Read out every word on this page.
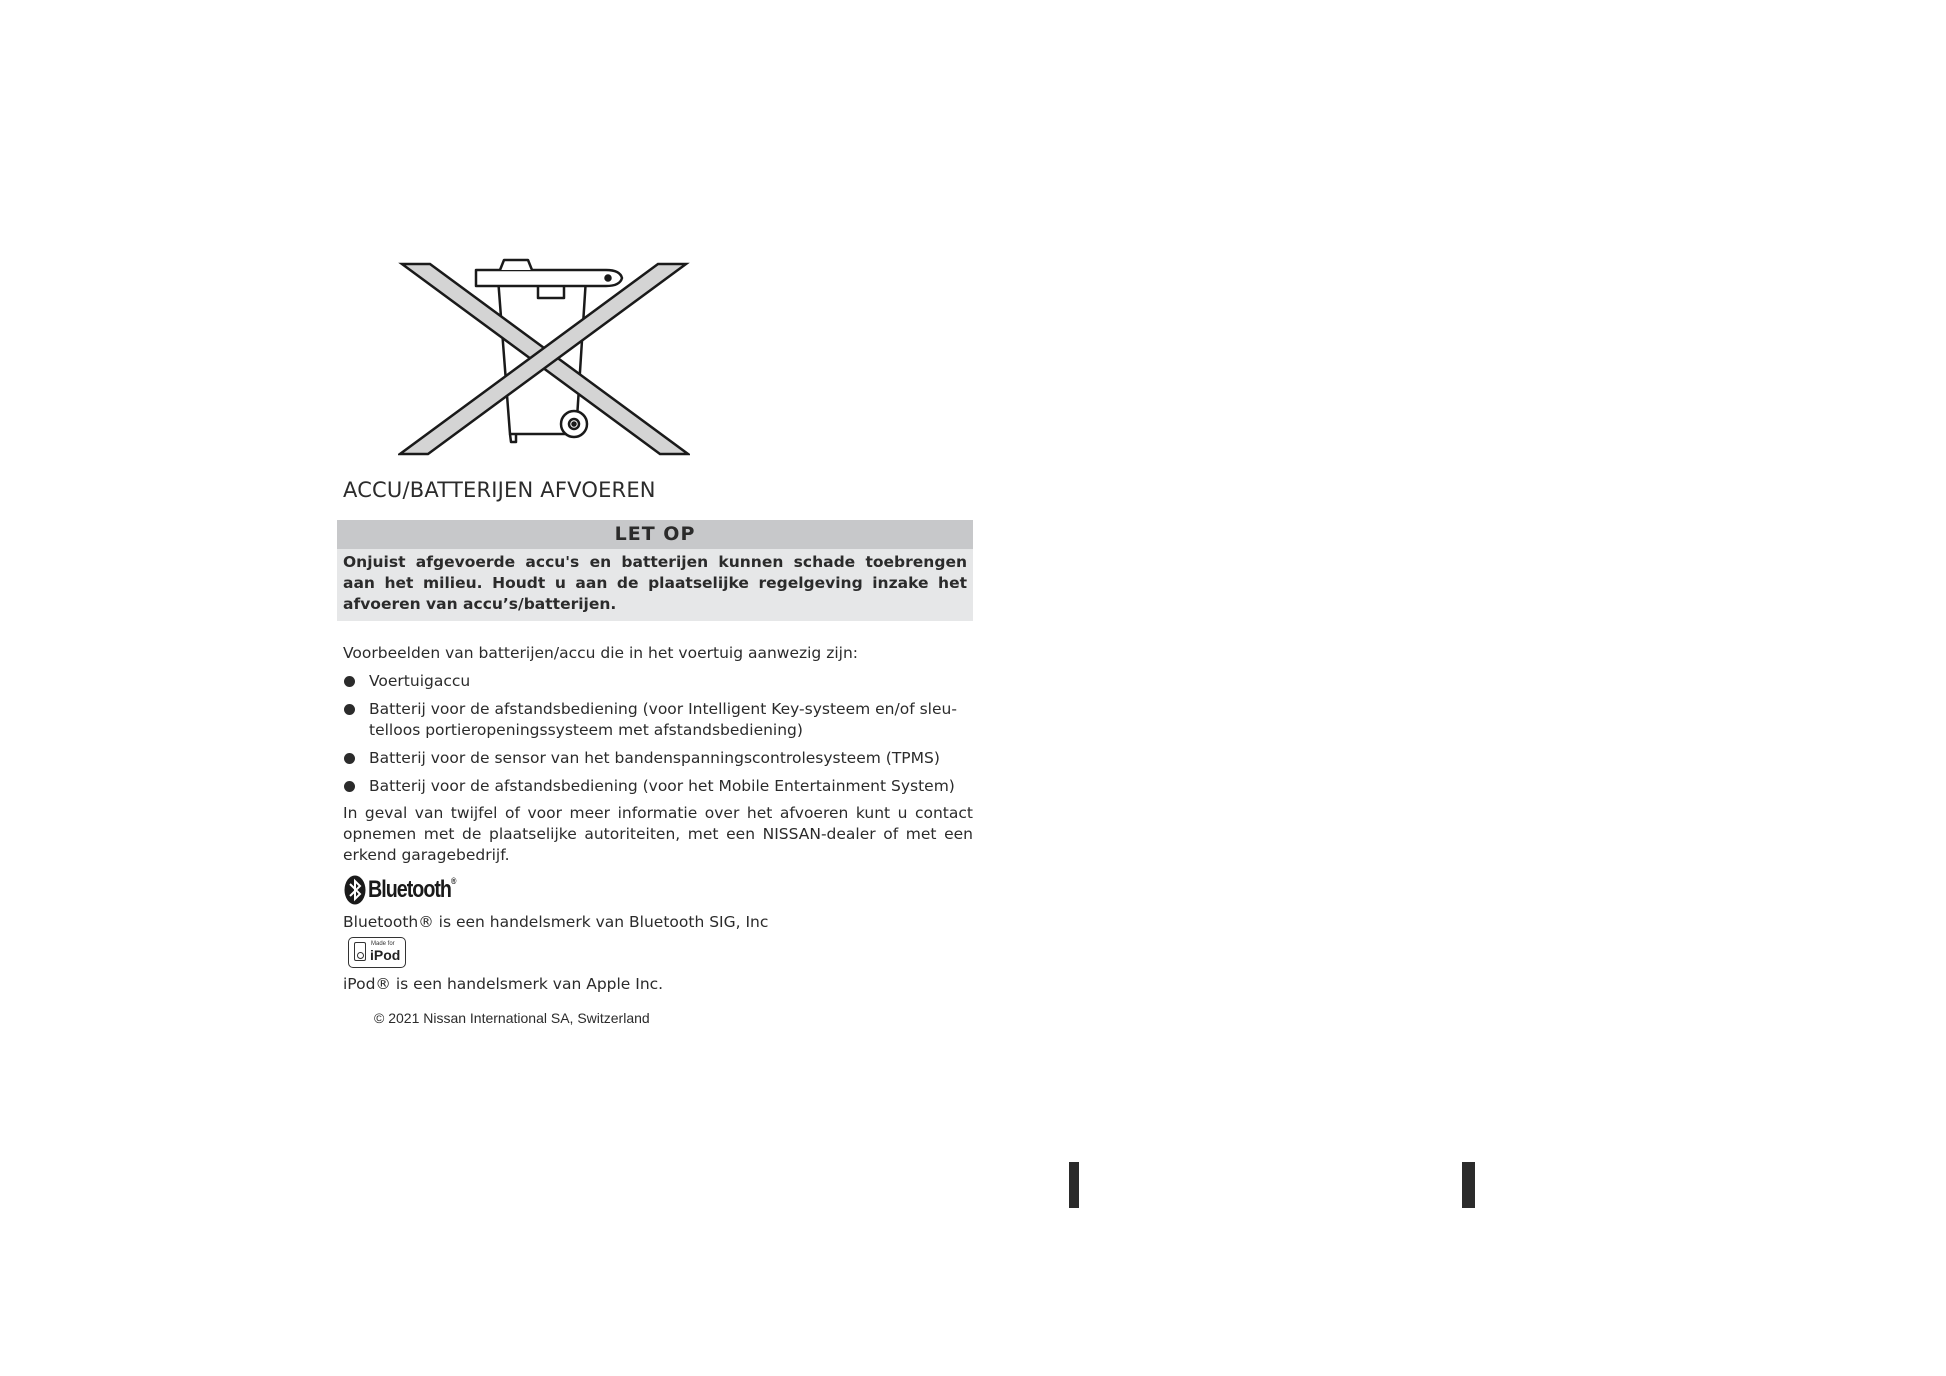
ACCU/BATTERIJEN AFVOEREN
LET OP
Onjuist afgevoerde accu's en batterijen kunnen schade toebrengen aan het milieu. Houdt u aan de plaatselijke regelgeving inzake het afvoeren van accu’s/batterijen.

Voorbeelden van batterijen/accu die in het voertuig aanwezig zijn:

Voertuigaccu
Batterij voor de afstandsbediening (voor Intelligent Key-systeem en/of sleu-telloos portieropeningssysteem met afstandsbediening)
Batterij voor de sensor van het bandenspanningscontrolesysteem (TPMS)
Batterij voor de afstandsbediening (voor het Mobile Entertainment System)

In geval van twijfel of voor meer informatie over het afvoeren kunt u contact opnemen met de plaatselijke autoriteiten, met een NISSAN-dealer of met een erkend garagebedrijf.

Bluetooth®

Bluetooth® is een handelsmerk van Bluetooth SIG, Inc

Made for
iPod

iPod® is een handelsmerk van Apple Inc.

© 2021 Nissan International SA, Switzerland
